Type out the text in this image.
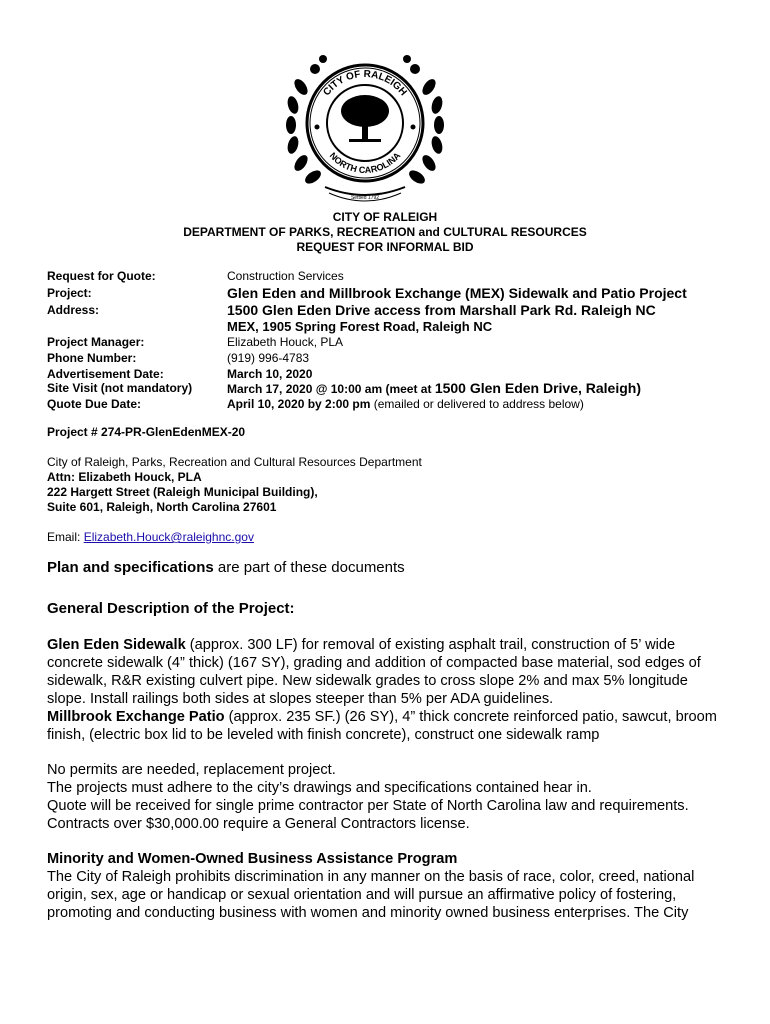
CITY OF RALEIGH
NORTH CAROLINA
Settled 1792
CITY OF RALEIGH
DEPARTMENT OF PARKS, RECREATION and CULTURAL RESOURCES
REQUEST FOR INFORMAL BID
Request for Quote:	Construction Services
Project:	Glen Eden and Millbrook Exchange (MEX) Sidewalk and Patio Project
Address:	1500 Glen Eden Drive access from Marshall Park Rd. Raleigh NC
MEX, 1905 Spring Forest Road, Raleigh NC
Project Manager:	Elizabeth Houck, PLA
Phone Number:	(919) 996-4783
Advertisement Date:	March 10, 2020
Site Visit (not mandatory)	March 17, 2020 @ 10:00 am (meet at 1500 Glen Eden Drive, Raleigh)
Quote Due Date:	April 10, 2020 by 2:00 pm (emailed or delivered to address below)
Project # 274-PR-GlenEdenMEX-20
City of Raleigh, Parks, Recreation and Cultural Resources Department
Attn: Elizabeth Houck, PLA
222 Hargett Street (Raleigh Municipal Building),
Suite 601, Raleigh, North Carolina 27601
Email: Elizabeth.Houck@raleighnc.gov
Plan and specifications are part of these documents
General Description of the Project:

Glen Eden Sidewalk (approx. 300 LF) for removal of existing asphalt trail, construction of 5’ wide concrete sidewalk (4” thick) (167 SY), grading and addition of compacted base material, sod edges of sidewalk, R&R existing culvert pipe. New sidewalk grades to cross slope 2% and max 5% longitude slope. Install railings both sides at slopes steeper than 5% per ADA guidelines.

Millbrook Exchange Patio (approx. 235 SF.) (26 SY), 4” thick concrete reinforced patio, sawcut, broom finish, (electric box lid to be leveled with finish concrete), construct one sidewalk ramp

No permits are needed, replacement project.

The projects must adhere to the city’s drawings and specifications contained hear in.

Quote will be received for single prime contractor per State of North Carolina law and requirements.

Contracts over $30,000.00 require a General Contractors license.

Minority and Women-Owned Business Assistance Program

The City of Raleigh prohibits discrimination in any manner on the basis of race, color, creed, national origin, sex, age or handicap or sexual orientation and will pursue an affirmative policy of fostering, promoting and conducting business with women and minority owned business enterprises. The City
